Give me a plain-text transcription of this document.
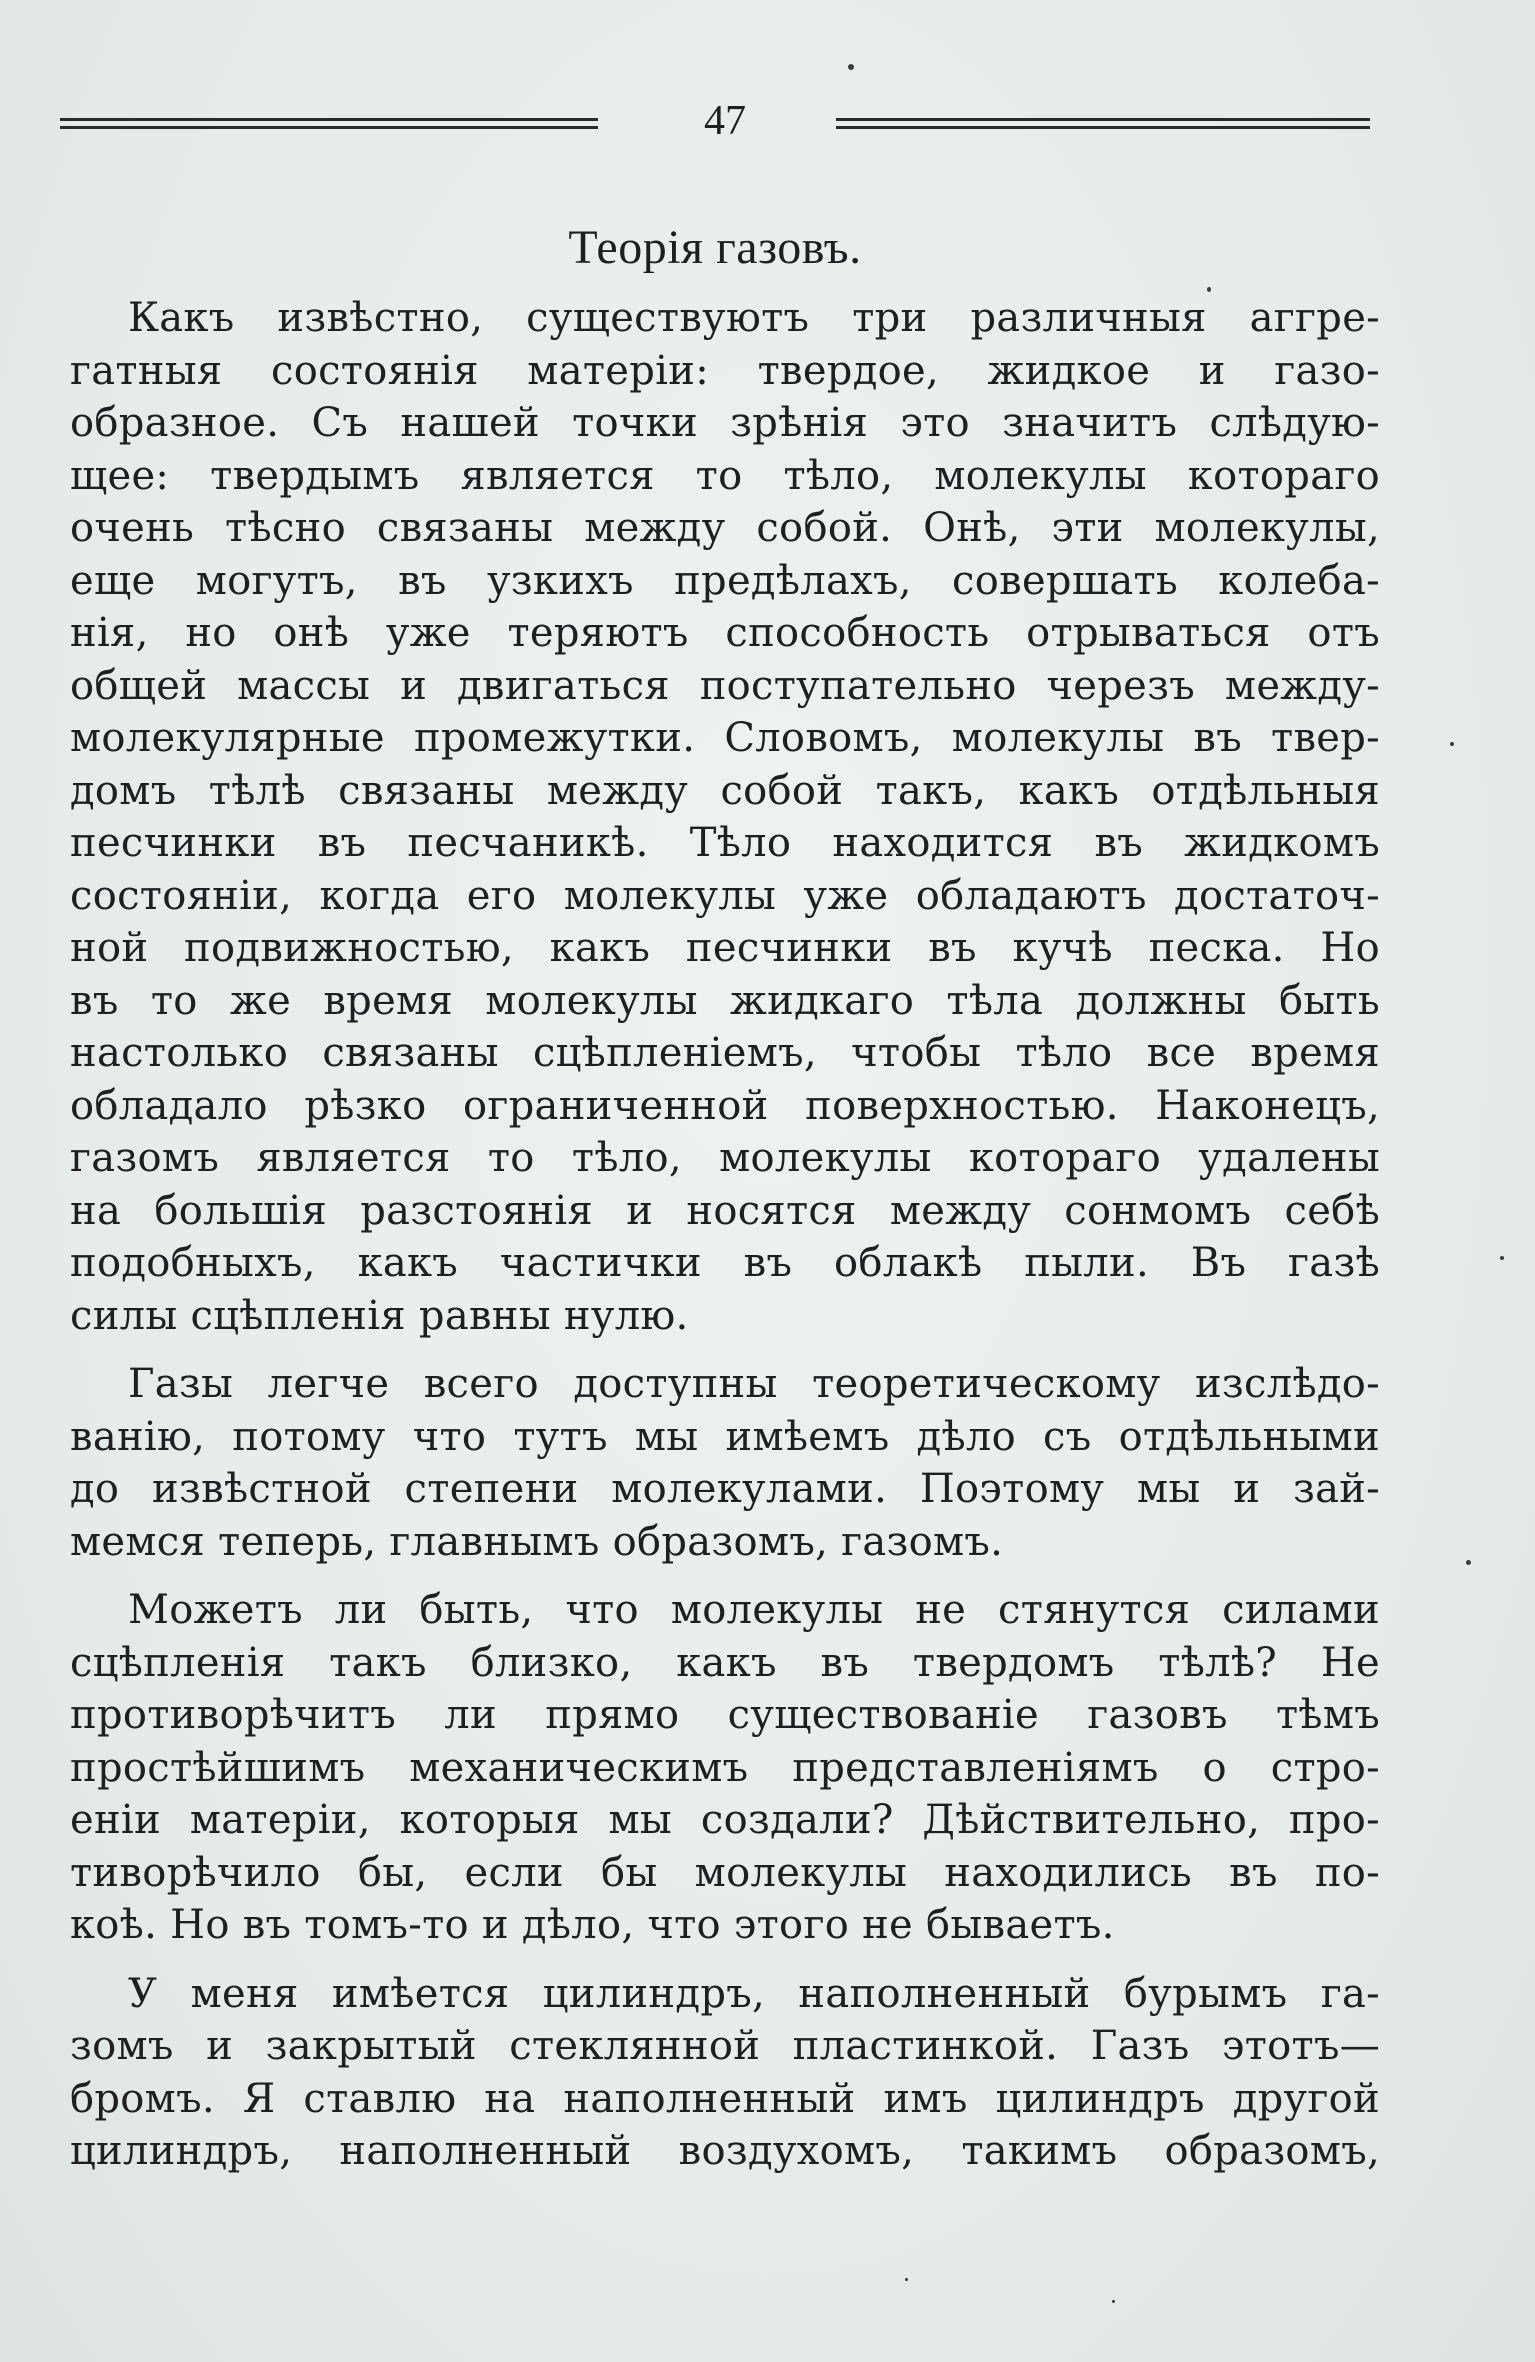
47
Теорія газовъ.
Какъ извѣстно, существуютъ три различныя aггре-
гатныя состоянія матеріи: твердое, жидкое и газо-
образное. Съ нашей точки зрѣнія это значитъ слѣдую-
щее: твердымъ является то тѣло, молекулы котораго
очень тѣсно связаны между собой. Онѣ, эти молекулы,
еще могутъ, въ узкихъ предѣлахъ, совершать колеба-
нія, но онѣ уже теряютъ способность отрываться отъ
общей массы и двигаться поступательно черезъ между-
молекулярные промежутки. Словомъ, молекулы въ твер-
домъ тѣлѣ связаны между собой такъ, какъ отдѣльныя
песчинки въ песчаникѣ. Тѣло находится въ жидкомъ
состояніи, когда его молекулы уже обладаютъ достаточ-
ной подвижностью, какъ песчинки въ кучѣ песка. Но
въ то же время молекулы жидкаго тѣла должны быть
настолько связаны сцѣпленіемъ, чтобы тѣло все время
обладало рѣзко ограниченной поверхностью. Наконецъ,
газомъ является то тѣло, молекулы котораго удалены
на большія разстоянія и носятся между сонмомъ себѣ
подобныхъ, какъ частички въ облакѣ пыли. Въ газѣ
силы сцѣпленія равны нулю.
Газы легче всего доступны теоретическому изслѣдо-
ванію, потому что тутъ мы имѣемъ дѣло съ отдѣльными
до извѣстной степени молекулами. Поэтому мы и зай-
мемся теперь, главнымъ образомъ, газомъ.
Можетъ ли быть, что молекулы не стянутся силами
сцѣпленія такъ близко, какъ въ твердомъ тѣлѣ? Не
противорѣчитъ ли прямо существованіе газовъ тѣмъ
простѣйшимъ механическимъ представленіямъ о стро-
еніи матеріи, которыя мы создали? Дѣйствительно, про-
тиворѣчило бы, если бы молекулы находились въ по-
коѣ. Но въ томъ-то и дѣло, что этого не бываетъ.
У меня имѣется цилиндръ, наполненный бурымъ га-
зомъ и закрытый стеклянной пластинкой. Газъ этотъ—
бромъ. Я ставлю на наполненный имъ цилиндръ другой
цилиндръ, наполненный воздухомъ, такимъ образомъ,
